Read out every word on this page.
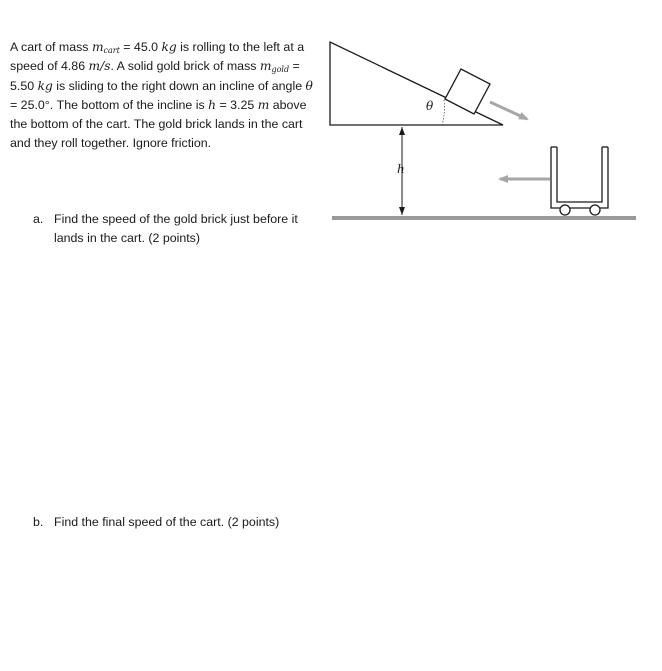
A cart of mass $m_{cart} = 45.0$ kg is rolling to the left at a speed of 4.86 m/s. A solid gold brick of mass $m_{gold} = 5.50$ kg is sliding to the right down an incline of angle θ = 25.0°. The bottom of the incline is ℎ = 3.25 m above the bottom of the cart. The gold brick lands in the cart and they roll together. Ignore friction.
a. Find the speed of the gold brick just before it lands in the cart. (2 points)
b. Find the final speed of the cart. (2 points)
θ
ℎ
